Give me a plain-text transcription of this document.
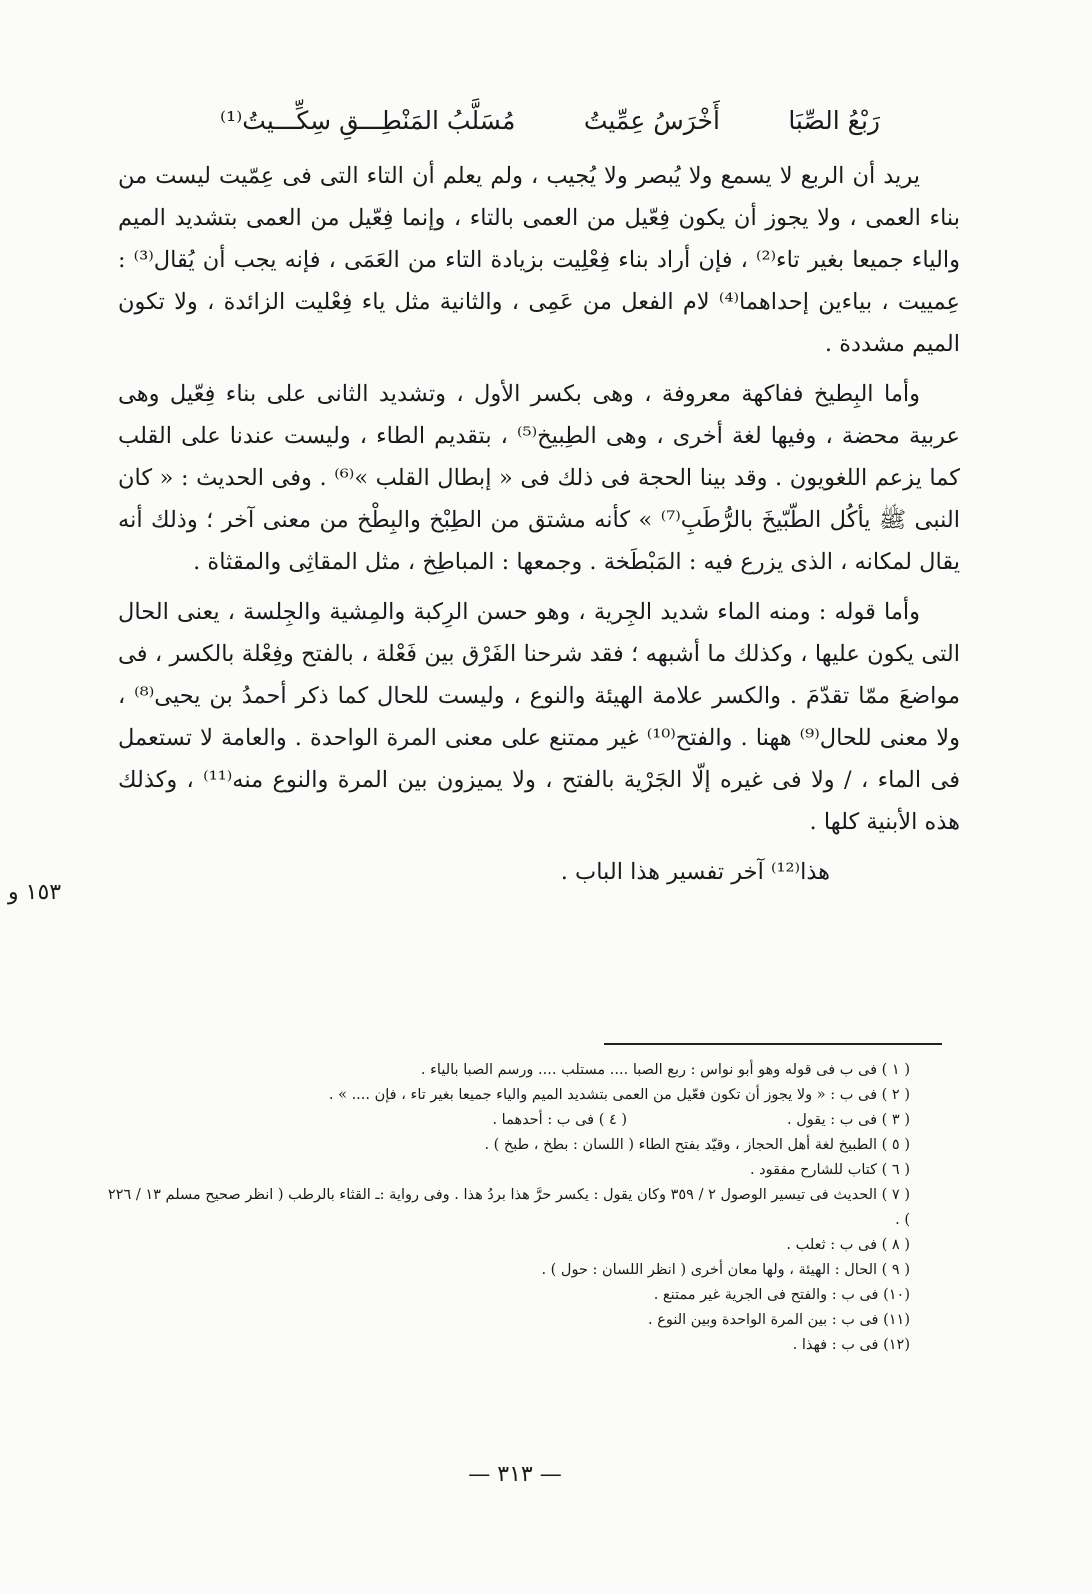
رَبْعُ الصِّبَا
أَخْرَسُ عِمِّيتُ
مُسَلَّبُ المَنْطِـــقِ سِكِّـــيتُ⁽¹⁾

يريد أن الربع لا يسمع ولا يُبصر ولا يُجيب ، ولم يعلم أن التاء التى فى عِمّيت ليست من بناء العمى ، ولا يجوز أن يكون فِعّيل من العمى بالتاء ، وإنما فِعّيل من العمى بتشديد الميم والياء جميعا بغير تاء⁽²⁾ ، فإن أراد بناء فِعْلِيت بزيادة التاء من العَمَى ، فإنه يجب أن يُقال⁽³⁾ : عِمييت ، بياءين إحداهما⁽⁴⁾ لام الفعل من عَمِى ، والثانية مثل ياء فِعْليت الزائدة ، ولا تكون الميم مشددة .

وأما البِطيخ ففاكهة معروفة ، وهى بكسر الأول ، وتشديد الثانى على بناء فِعّيل وهى عربية محضة ، وفيها لغة أخرى ، وهى الطِبيخ⁽⁵⁾ ، بتقديم الطاء ، وليست عندنا على القلب كما يزعم اللغويون . وقد بينا الحجة فى ذلك فى « إبطال القلب »⁽⁶⁾ . وفى الحديث : « كان النبى ﷺ يأكُل الطّبّيخَ بالرُّطَبِ⁽⁷⁾ » كأنه مشتق من الطِبْخ والبِطْخ من معنى آخر ؛ وذلك أنه يقال لمكانه ، الذى يزرع فيه : المَبْطَخة . وجمعها : المباطِخ ، مثل المقاثِى والمقثاة .

وأما قوله : ومنه الماء شديد الجِرية ، وهو حسن الرِكبة والمِشية والجِلسة ، يعنى الحال التى يكون عليها ، وكذلك ما أشبهه ؛ فقد شرحنا الفَرْق بين فَعْلة ، بالفتح وفِعْلة بالكسر ، فى مواضعَ ممّا تقدّمَ . والكسر علامة الهيئة والنوع ، وليست للحال كما ذكر أحمدُ بن يحيى⁽⁸⁾ ، ولا معنى للحال⁽⁹⁾ ههنا . والفتح⁽¹⁰⁾ غير ممتنع على معنى المرة الواحدة . والعامة لا تستعمل فى الماء ، / ولا فى غيره إلّا الجَرْية بالفتح ، ولا يميزون بين المرة والنوع منه⁽¹¹⁾ ، وكذلك هذه الأبنية كلها .

هذا⁽¹²⁾ آخر تفسير هذا الباب .

١٥٣ و
( ١ ) فى ب فى قوله وهو أبو نواس : ربع الصبا .... مستلب .... ورسم الصبا بالياء .
( ٢ ) فى ب : « ولا يجوز أن تكون فعّيل من العمى بتشديد الميم والياء جميعا بغير تاء ، فإن .... » .
( ٣ ) فى ب : يقول .
( ٤ ) فى ب : أحدهما .
( ٥ ) الطبيخ لغة أهل الحجاز ، وقيّد بفتح الطاء ( اللسان : بطخ ، طبخ ) .
( ٦ ) كتاب للشارح مفقود .
( ٧ ) الحديث فى تيسير الوصول ٢ / ٣٥٩ وكان يقول : يكسر حرَّ هذا بردُ هذا . وفى رواية :ـ القثاء بالرطب ( انظر صحيح مسلم ١٣ / ٢٢٦ ) .
( ٨ ) فى ب : ثعلب .
( ٩ ) الحال : الهيئة ، ولها معان أخرى ( انظر اللسان : حول ) .
(١٠) فى ب : والفتح فى الجرية غير ممتنع .
(١١) فى ب : بين المرة الواحدة وبين النوع .
(١٢) فى ب : فهذا .
— ٣١٣ —
